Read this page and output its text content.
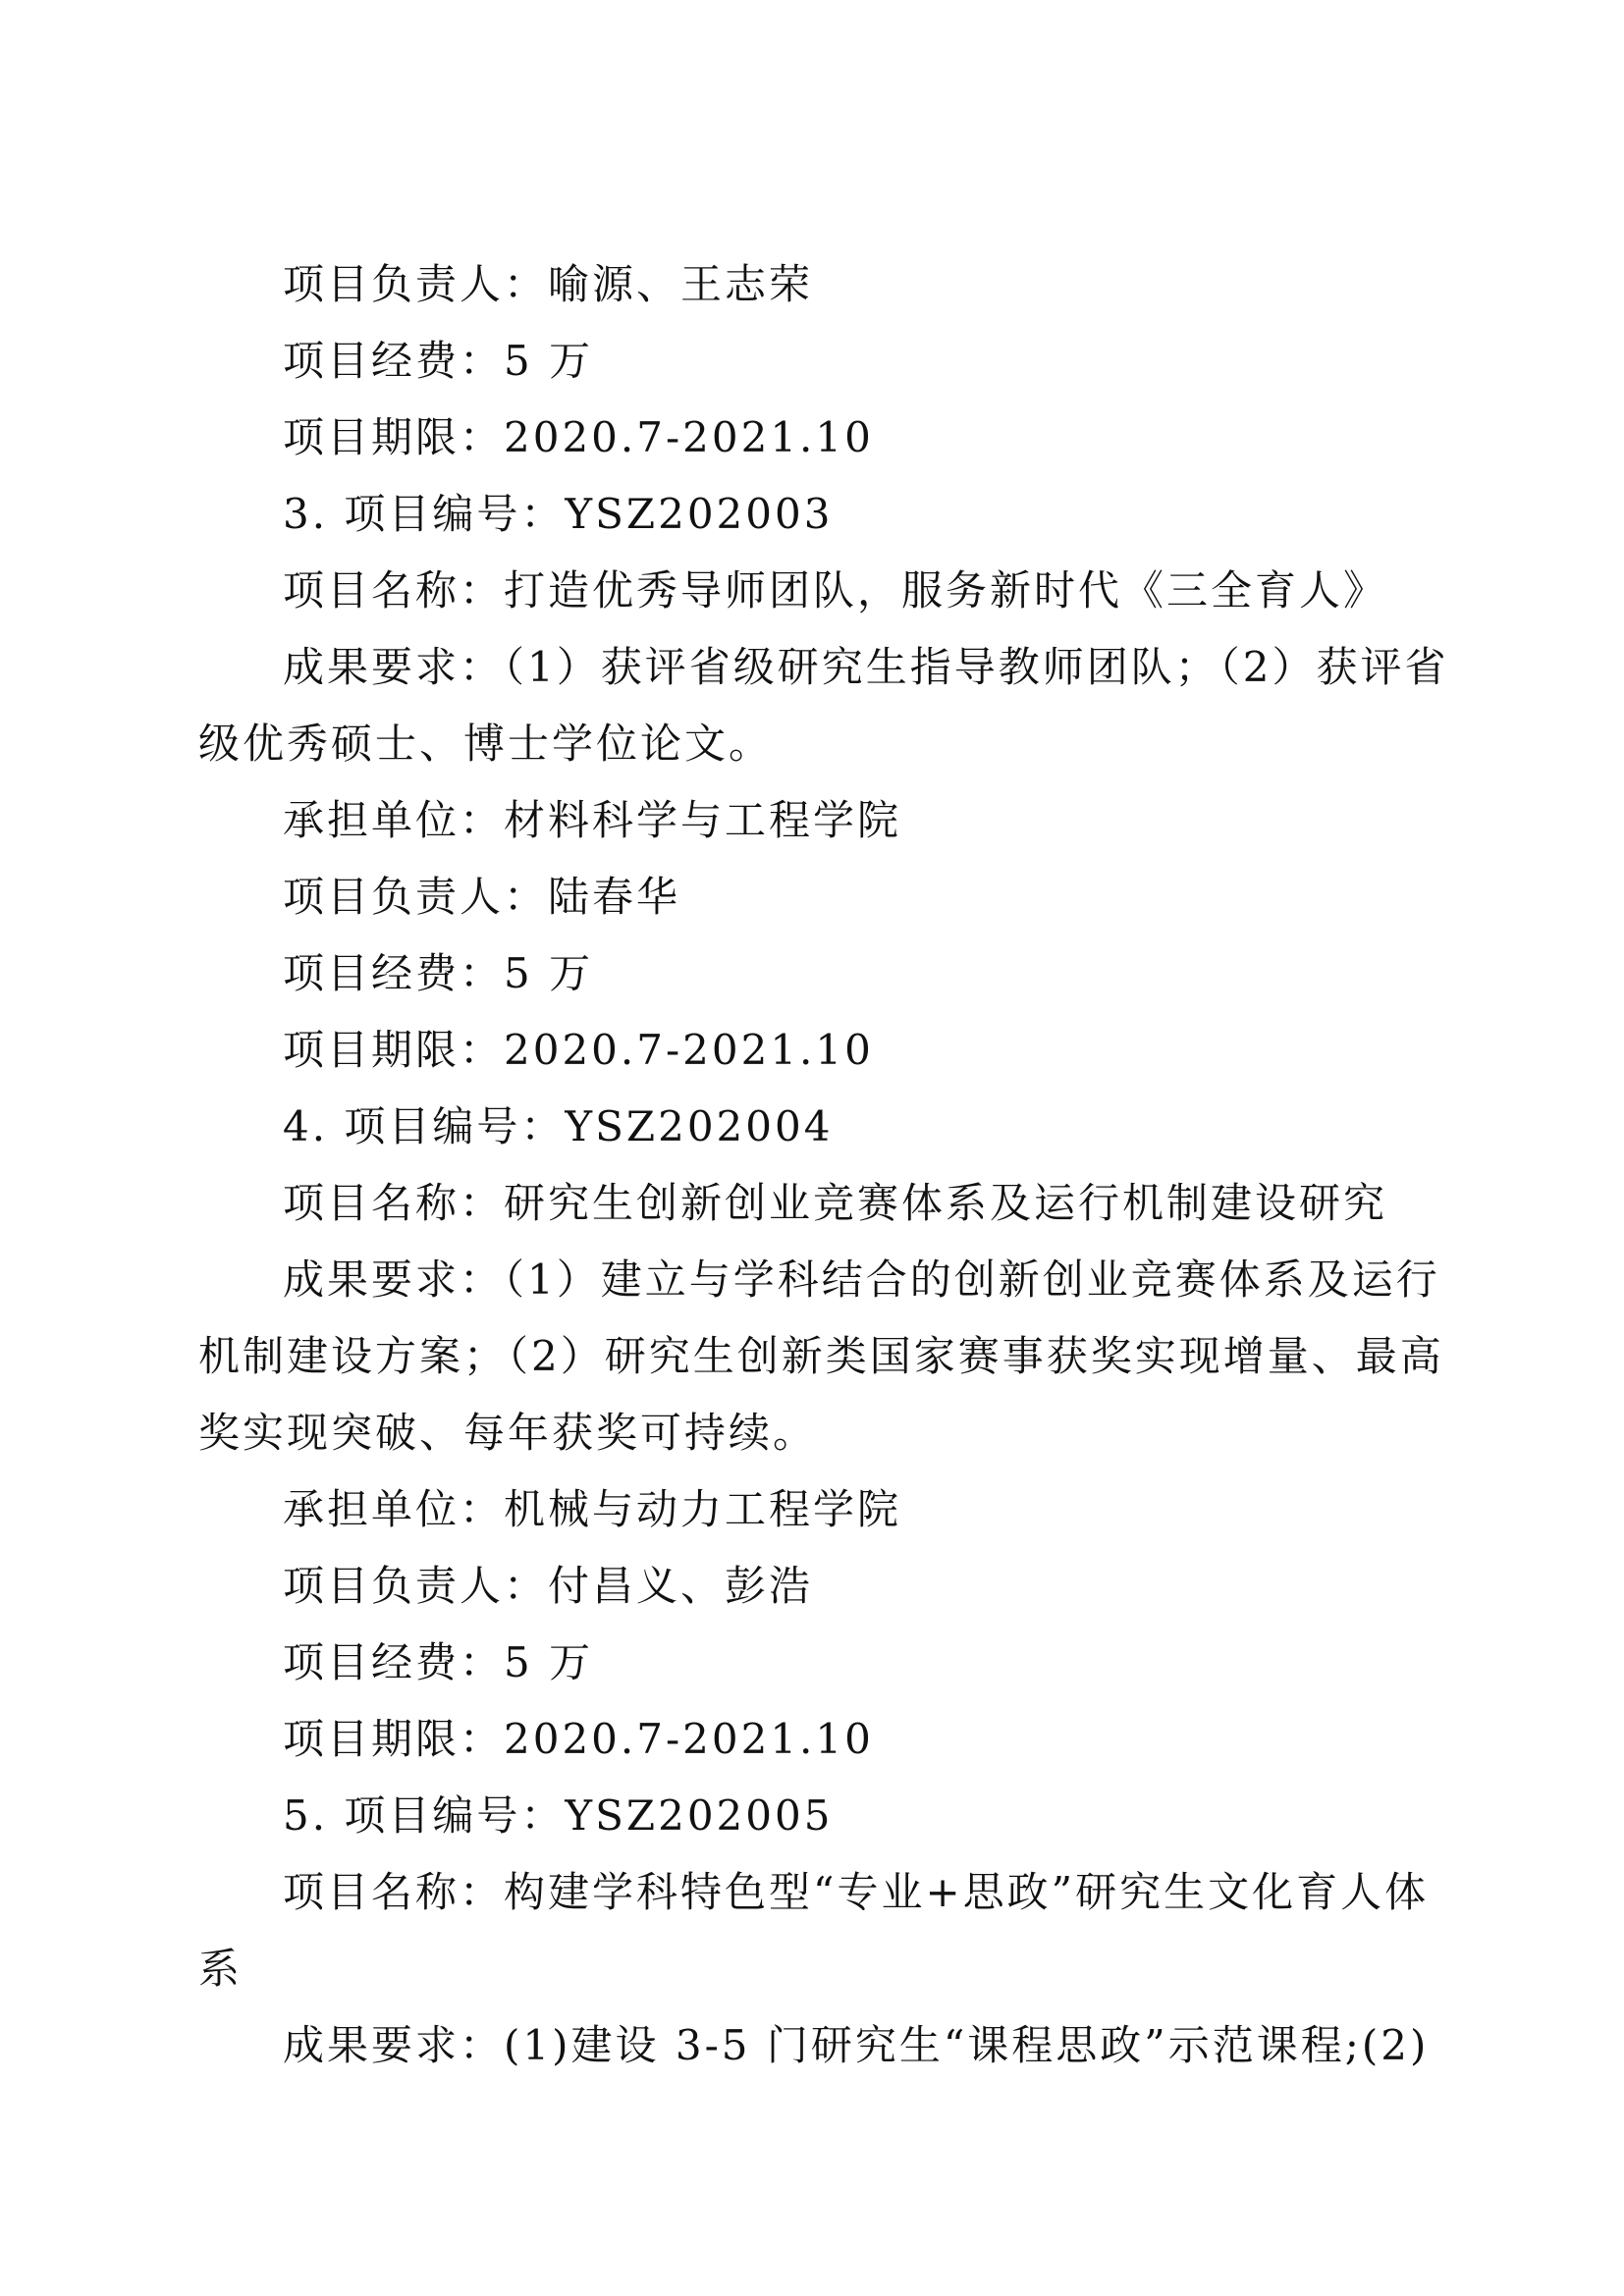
项目负责人：喻源、王志荣
项目经费：5 万
项目期限：2020.7-2021.10
3. 项目编号：YSZ202003
项目名称：打造优秀导师团队，服务新时代《三全育人》
成果要求：（1）获评省级研究生指导教师团队；（2）获评省
级优秀硕士、博士学位论文。
承担单位：材料科学与工程学院
项目负责人：陆春华
项目经费：5 万
项目期限：2020.7-2021.10
4. 项目编号：YSZ202004
项目名称：研究生创新创业竞赛体系及运行机制建设研究
成果要求：（1）建立与学科结合的创新创业竞赛体系及运行
机制建设方案；（2）研究生创新类国家赛事获奖实现增量、最高
奖实现突破、每年获奖可持续。
承担单位：机械与动力工程学院
项目负责人：付昌义、彭浩
项目经费：5 万
项目期限：2020.7-2021.10
5. 项目编号：YSZ202005
项目名称：构建学科特色型“专业+思政”研究生文化育人体
系
成果要求：(1)建设 3-5 门研究生“课程思政”示范课程;(2)
